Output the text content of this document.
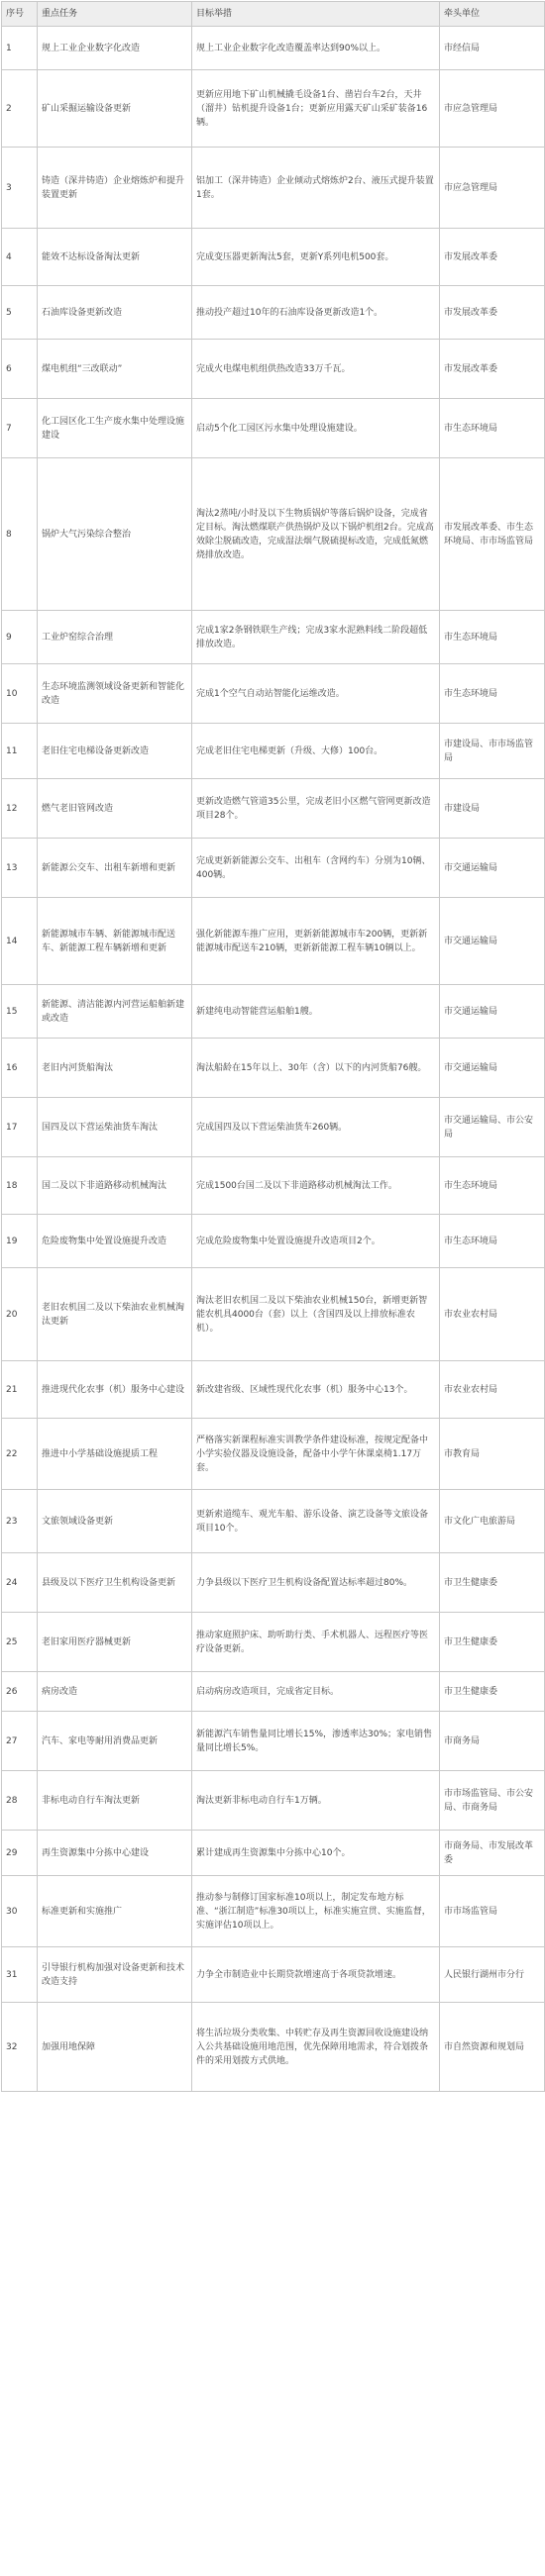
序号	重点任务	目标举措	牵头单位
1	规上工业企业数字化改造	规上工业企业数字化改造覆盖率达到90%以上。	市经信局
2	矿山采掘运输设备更新	更新应用地下矿山机械撬毛设备1台、凿岩台车2台，天井（溜井）钻机提升设备1台；更新应用露天矿山采矿装备16辆。	市应急管理局
3	铸造（深井铸造）企业熔炼炉和提升装置更新	铝加工（深井铸造）企业倾动式熔炼炉2台、液压式提升装置1套。	市应急管理局
4	能效不达标设备淘汰更新	完成变压器更新淘汰5套，更新Y系列电机500套。	市发展改革委
5	石油库设备更新改造	推动投产超过10年的石油库设备更新改造1个。	市发展改革委
6	煤电机组“三改联动”	完成火电煤电机组供热改造33万千瓦。	市发展改革委
7	化工园区化工生产废水集中处理设施建设	启动5个化工园区污水集中处理设施建设。	市生态环境局
8	锅炉大气污染综合整治	淘汰2蒸吨/小时及以下生物质锅炉等落后锅炉设备，完成省定目标。淘汰燃煤联产供热锅炉及以下锅炉机组2台。完成高效除尘脱硫改造，完成湿法烟气脱硫提标改造，完成低氮燃烧排放改造。	市发展改革委、市生态环境局、市市场监管局
9	工业炉窑综合治理	完成1家2条钢铁联生产线；完成3家水泥熟料线二阶段超低排放改造。	市生态环境局
10	生态环境监测领域设备更新和智能化改造	完成1个空气自动站智能化运维改造。	市生态环境局
11	老旧住宅电梯设备更新改造	完成老旧住宅电梯更新（升级、大修）100台。	市建设局、市市场监管局
12	燃气老旧管网改造	更新改造燃气管道35公里，完成老旧小区燃气管网更新改造项目28个。	市建设局
13	新能源公交车、出租车新增和更新	完成更新新能源公交车、出租车（含网约车）分别为10辆、400辆。	市交通运输局
14	新能源城市车辆、新能源城市配送车、新能源工程车辆新增和更新	强化新能源车推广应用，更新新能源城市车200辆，更新新能源城市配送车210辆，更新新能源工程车辆10辆以上。	市交通运输局
15	新能源、清洁能源内河营运船舶新建或改造	新建纯电动智能营运船舶1艘。	市交通运输局
16	老旧内河货船淘汰	淘汰船龄在15年以上、30年（含）以下的内河货船76艘。	市交通运输局
17	国四及以下营运柴油货车淘汰	完成国四及以下营运柴油货车260辆。	市交通运输局、市公安局
18	国二及以下非道路移动机械淘汰	完成1500台国二及以下非道路移动机械淘汰工作。	市生态环境局
19	危险废物集中处置设施提升改造	完成危险废物集中处置设施提升改造项目2个。	市生态环境局
20	老旧农机国二及以下柴油农业机械淘汰更新	淘汰老旧农机国二及以下柴油农业机械150台，新增更新智能农机具4000台（套）以上（含国四及以上排放标准农机）。	市农业农村局
21	推进现代化农事（机）服务中心建设	新改建省级、区域性现代化农事（机）服务中心13个。	市农业农村局
22	推进中小学基础设施提质工程	严格落实新课程标准实训教学条件建设标准，按规定配备中小学实验仪器及设施设备，配备中小学午休课桌椅1.17万套。	市教育局
23	文旅领域设备更新	更新索道缆车、观光车船、游乐设备、演艺设备等文旅设备项目10个。	市文化广电旅游局
24	县级及以下医疗卫生机构设备更新	力争县级以下医疗卫生机构设备配置达标率超过80%。	市卫生健康委
25	老旧家用医疗器械更新	推动家庭照护床、助听助行类、手术机器人、远程医疗等医疗设备更新。	市卫生健康委
26	病房改造	启动病房改造项目，完成省定目标。	市卫生健康委
27	汽车、家电等耐用消费品更新	新能源汽车销售量同比增长15%，渗透率达30%；家电销售量同比增长5%。	市商务局
28	非标电动自行车淘汰更新	淘汰更新非标电动自行车1万辆。	市市场监管局、市公安局、市商务局
29	再生资源集中分拣中心建设	累计建成再生资源集中分拣中心10个。	市商务局、市发展改革委
30	标准更新和实施推广	推动参与制修订国家标准10项以上，制定发布地方标准、“浙江制造”标准30项以上，标准实施宣贯、实施监督，实施评估10项以上。	市市场监管局
31	引导银行机构加强对设备更新和技术改造支持	力争全市制造业中长期贷款增速高于各项贷款增速。	人民银行湖州市分行
32	加强用地保障	将生活垃圾分类收集、中转贮存及再生资源回收设施建设纳入公共基础设施用地范围，优先保障用地需求，符合划拨条件的采用划拨方式供地。	市自然资源和规划局
